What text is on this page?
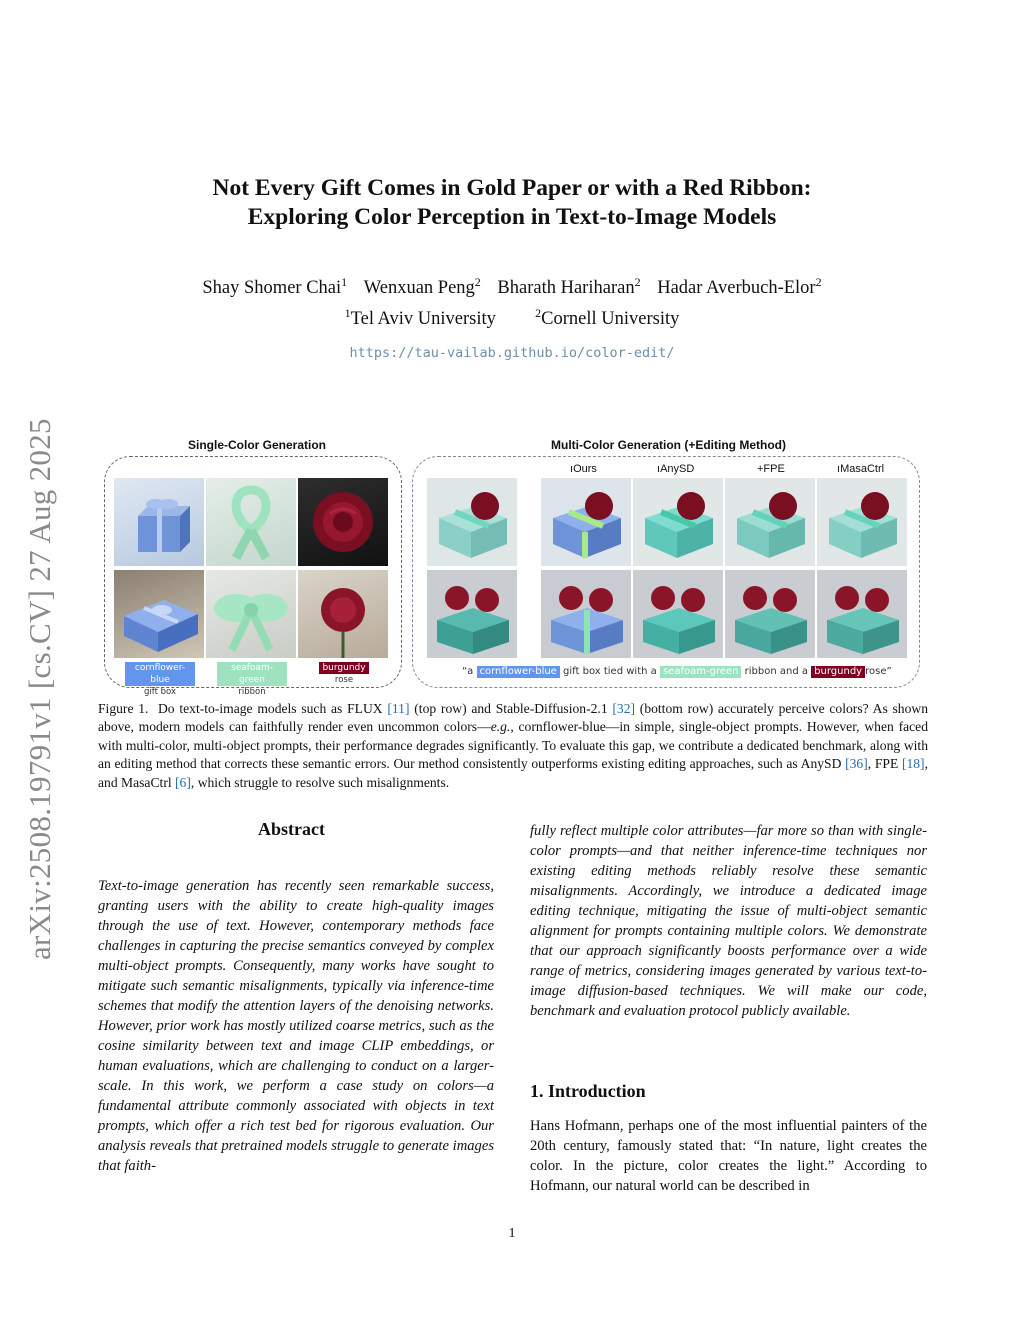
arXiv:2508.19791v1 [cs.CV] 27 Aug 2025
Not Every Gift Comes in Gold Paper or with a Red Ribbon:
Exploring Color Perception in Text-to-Image Models
Shay Shomer Chai$^1$ Wenxuan Peng$^2$ Bharath Hariharan$^2$ Hadar Averbuch-Elor$^2$
$^1$Tel Aviv University	$^2$Cornell University
https://tau-vailab.github.io/color-edit/
Single-Color Generation	Multi-Color Generation (+Editing Method)
ıOurs	ıAnySD	+FPE	ıMasaCtrl
cornflower-blue
gift box
seafoam-green
ribbon
burgundy
rose
“a cornflower-blue gift box tied with a seafoam-green ribbon and a burgundy rose”
Figure 1. Do text-to-image models such as FLUX [11] (top row) and Stable-Diffusion-2.1 [32] (bottom row) accurately perceive colors? As shown above, modern models can faithfully render even uncommon colors—e.g., cornflower-blue—in simple, single-object prompts. However, when faced with multi-color, multi-object prompts, their performance degrades significantly. To evaluate this gap, we contribute a dedicated benchmark, along with an editing method that corrects these semantic errors. Our method consistently outperforms existing editing approaches, such as AnySD [36], FPE [18], and MasaCtrl [6], which struggle to resolve such misalignments.
Abstract
Text-to-image generation has recently seen remarkable success, granting users with the ability to create high-quality images through the use of text. However, contemporary methods face challenges in capturing the precise semantics conveyed by complex multi-object prompts. Consequently, many works have sought to mitigate such semantic misalignments, typically via inference-time schemes that modify the attention layers of the denoising networks. However, prior work has mostly utilized coarse metrics, such as the cosine similarity between text and image CLIP embeddings, or human evaluations, which are challenging to conduct on a larger-scale. In this work, we perform a case study on colors—a fundamental attribute commonly associated with objects in text prompts, which offer a rich test bed for rigorous evaluation. Our analysis reveals that pretrained models struggle to generate images that faith-
fully reflect multiple color attributes—far more so than with single-color prompts—and that neither inference-time techniques nor existing editing methods reliably resolve these semantic misalignments. Accordingly, we introduce a dedicated image editing technique, mitigating the issue of multi-object semantic alignment for prompts containing multiple colors. We demonstrate that our approach significantly boosts performance over a wide range of metrics, considering images generated by various text-to-image diffusion-based techniques. We will make our code, benchmark and evaluation protocol publicly available.
1. Introduction
Hans Hofmann, perhaps one of the most influential painters of the 20th century, famously stated that: “In nature, light creates the color. In the picture, color creates the light.” According to Hofmann, our natural world can be described in
1
